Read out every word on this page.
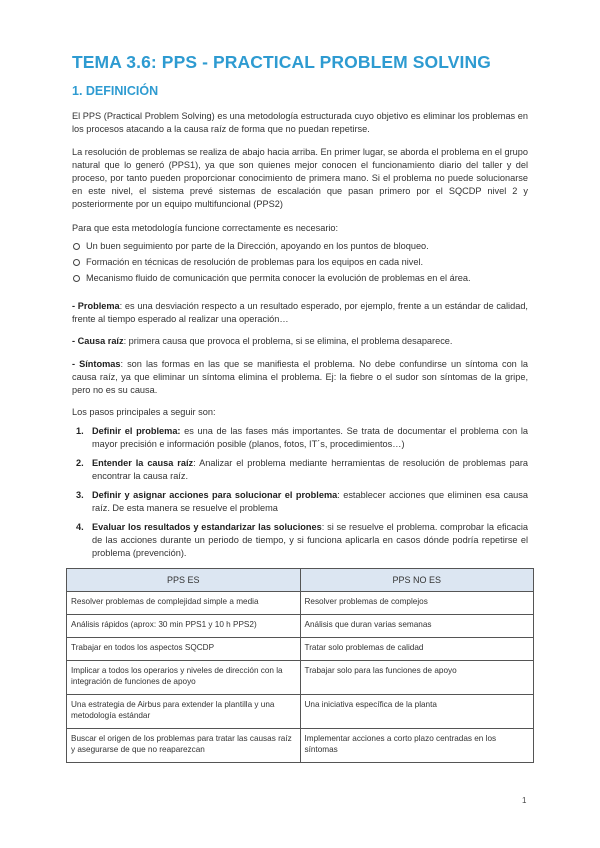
TEMA 3.6: PPS - PRACTICAL PROBLEM SOLVING
1. DEFINICIÓN
El PPS (Practical Problem Solving) es una metodología estructurada cuyo objetivo es eliminar los problemas en los procesos atacando a la causa raíz de forma que no puedan repetirse.
La resolución de problemas se realiza de abajo hacia arriba. En primer lugar, se aborda el problema en el grupo natural que lo generó (PPS1), ya que son quienes mejor conocen el funcionamiento diario del taller y del proceso, por tanto pueden proporcionar conocimiento de primera mano. Si el problema no puede solucionarse en este nivel, el sistema prevé sistemas de escalación que pasan primero por el SQCDP nivel 2 y posteriormente por un equipo multifuncional (PPS2)
Para que esta metodología funcione correctamente es necesario:
Un buen seguimiento por parte de la Dirección, apoyando en los puntos de bloqueo.
Formación en técnicas de resolución de problemas para los equipos en cada nivel.
Mecanismo fluido de comunicación que permita conocer la evolución de problemas en el área.
- Problema: es una desviación respecto a un resultado esperado, por ejemplo, frente a un estándar de calidad, frente al tiempo esperado al realizar una operación…
- Causa raíz: primera causa que provoca el problema, si se elimina, el problema desaparece.
- Síntomas: son las formas en las que se manifiesta el problema. No debe confundirse un síntoma con la causa raíz, ya que eliminar un síntoma elimina el problema. Ej: la fiebre o el sudor son síntomas de la gripe, pero no es su causa.
Los pasos principales a seguir son:
1. Definir el problema: es una de las fases más importantes. Se trata de documentar el problema con la mayor precisión e información posible (planos, fotos, IT´s, procedimientos…)
2. Entender la causa raíz: Analizar el problema mediante herramientas de resolución de problemas para encontrar la causa raíz.
3. Definir y asignar acciones para solucionar el problema: establecer acciones que eliminen esa causa raíz. De esta manera se resuelve el problema
4. Evaluar los resultados y estandarizar las soluciones: si se resuelve el problema. comprobar la eficacia de las acciones durante un periodo de tiempo, y si funciona aplicarla en casos dónde podría repetirse el problema (prevención).
PPS ES	PPS NO ES
Resolver problemas de complejidad simple a media	Resolver problemas de complejos
Análisis rápidos (aprox: 30 min PPS1 y 10 h PPS2)	Análisis que duran varias semanas
Trabajar en todos los aspectos SQCDP	Tratar solo problemas de calidad
Implicar a todos los operarios y niveles de dirección con la integración de funciones de apoyo	Trabajar solo para las funciones de apoyo
Una estrategia de Airbus para extender la plantilla y una metodología estándar	Una iniciativa específica de la planta
Buscar el origen de los problemas para tratar las causas raíz y asegurarse de que no reaparezcan	Implementar acciones a corto plazo centradas en los síntomas
1
